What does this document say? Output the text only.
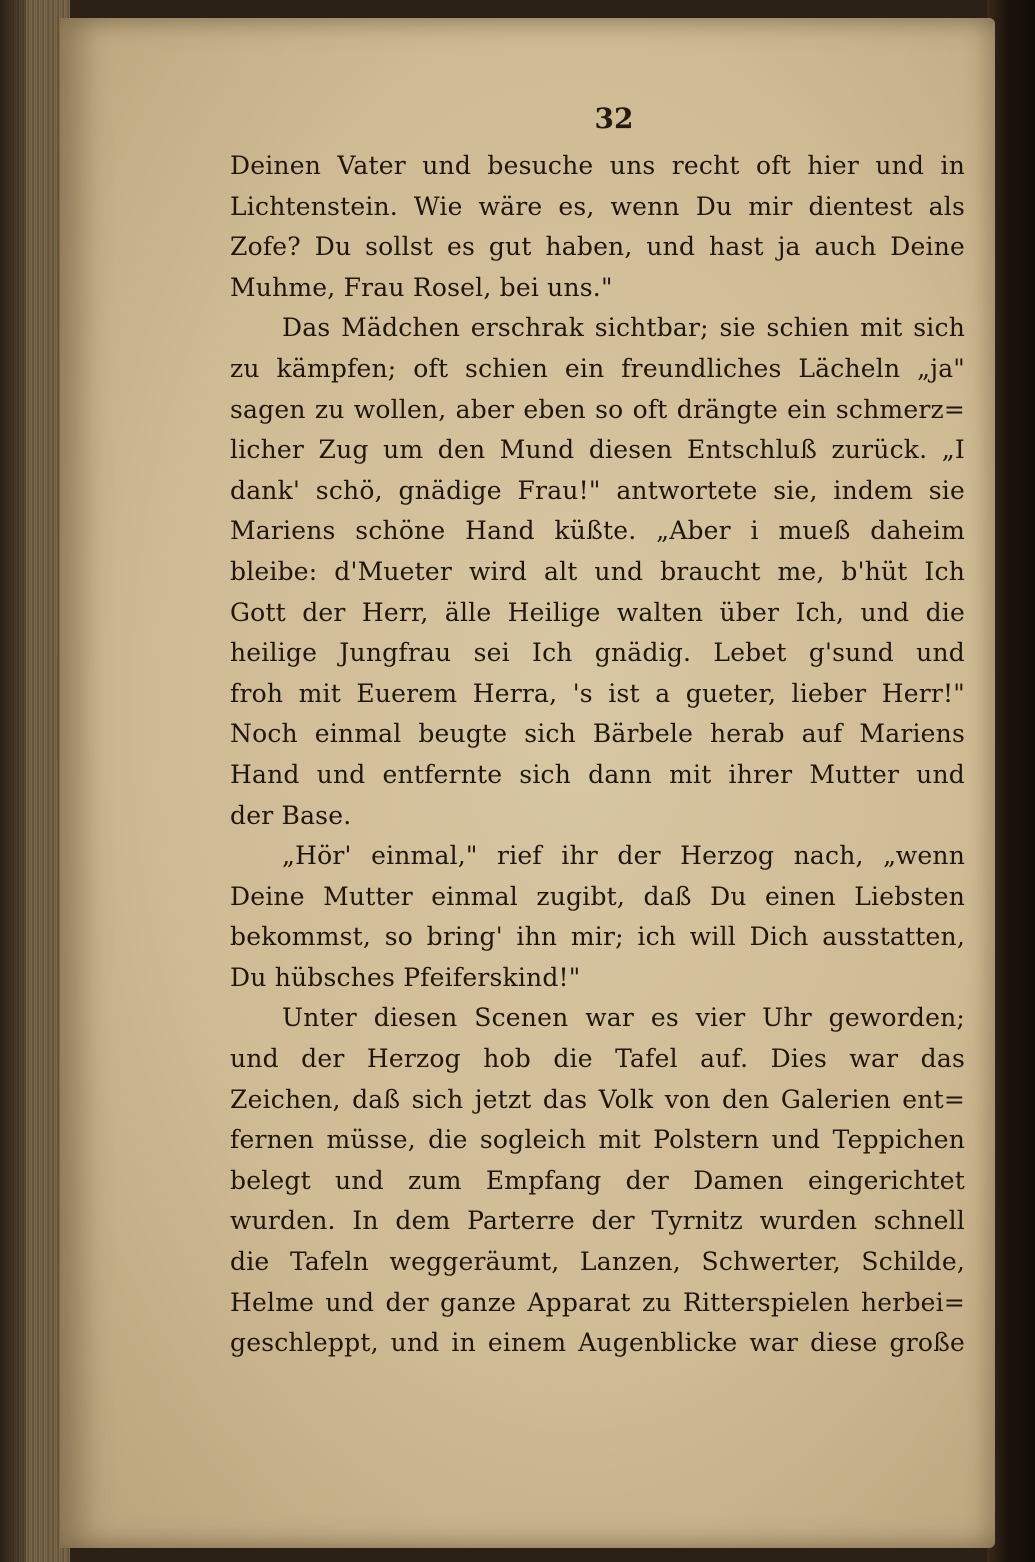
32

Deinen Vater und besuche uns recht oft hier und in
Lichtenstein. Wie wäre es, wenn Du mir dientest als
Zofe? Du sollst es gut haben, und hast ja auch Deine
Muhme, Frau Rosel, bei uns."
Das Mädchen erschrak sichtbar; sie schien mit sich
zu kämpfen; oft schien ein freundliches Lächeln „ja"
sagen zu wollen, aber eben so oft drängte ein schmerz=
licher Zug um den Mund diesen Entschluß zurück. „I
dank' schö, gnädige Frau!" antwortete sie, indem sie
Mariens schöne Hand küßte. „Aber i mueß daheim
bleibe: d'Mueter wird alt und braucht me, b'hüt Ich
Gott der Herr, älle Heilige walten über Ich, und die
heilige Jungfrau sei Ich gnädig. Lebet g'sund und
froh mit Euerem Herra, 's ist a gueter, lieber Herr!"
Noch einmal beugte sich Bärbele herab auf Mariens
Hand und entfernte sich dann mit ihrer Mutter und
der Base.
„Hör' einmal," rief ihr der Herzog nach, „wenn
Deine Mutter einmal zugibt, daß Du einen Liebsten
bekommst, so bring' ihn mir; ich will Dich ausstatten,
Du hübsches Pfeiferskind!"
Unter diesen Scenen war es vier Uhr geworden;
und der Herzog hob die Tafel auf. Dies war das
Zeichen, daß sich jetzt das Volk von den Galerien ent=
fernen müsse, die sogleich mit Polstern und Teppichen
belegt und zum Empfang der Damen eingerichtet
wurden. In dem Parterre der Tyrnitz wurden schnell
die Tafeln weggeräumt, Lanzen, Schwerter, Schilde,
Helme und der ganze Apparat zu Ritterspielen herbei=
geschleppt, und in einem Augenblicke war diese große
